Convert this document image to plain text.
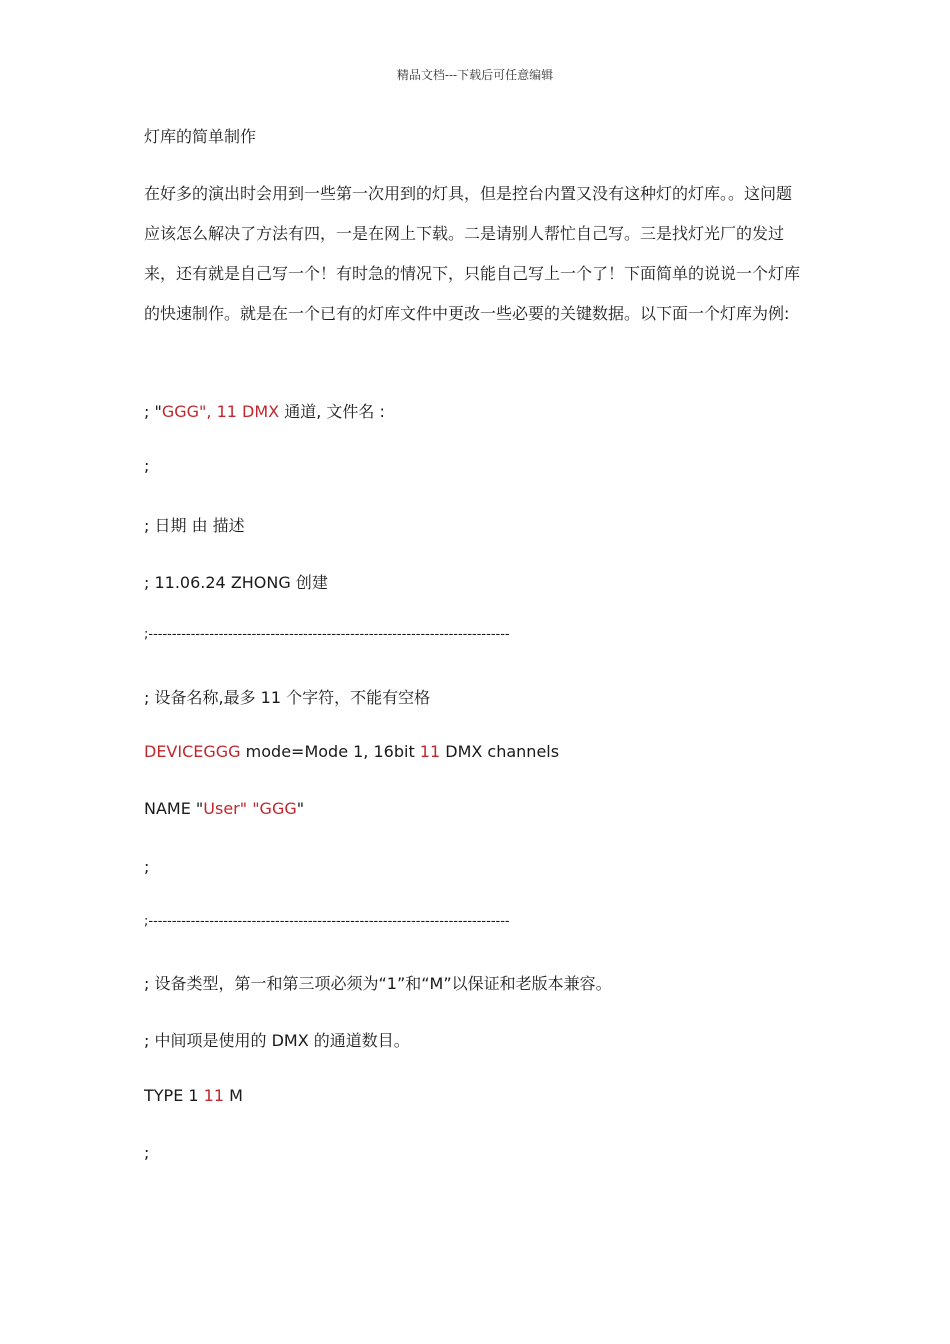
精品文档---下载后可任意编辑
灯库的简单制作
在好多的演出时会用到一些第一次用到的灯具，但是控台内置又没有这种灯的灯库。。这问题应该怎么解决了方法有四，一是在网上下载。二是请别人帮忙自己写。三是找灯光厂的发过来，还有就是自己写一个！有时急的情况下，只能自己写上一个了！下面简单的说说一个灯库的快速制作。就是在一个已有的灯库文件中更改一些必要的关键数据。以下面一个灯库为例:
; "GGG", 11 DMX 通道, 文件名 :
;
; 日期 由 描述
; 11.06.24 ZHONG 创建
;-----------------------------------------------------------------------------
; 设备名称,最多 11 个字符，不能有空格
DEVICEGGG mode=Mode 1, 16bit 11 DMX channels
NAME "User" "GGG"
;
;-----------------------------------------------------------------------------
; 设备类型，第一和第三项必须为“1”和“M”以保证和老版本兼容。
; 中间项是使用的 DMX 的通道数目。
TYPE 1 11 M
;
